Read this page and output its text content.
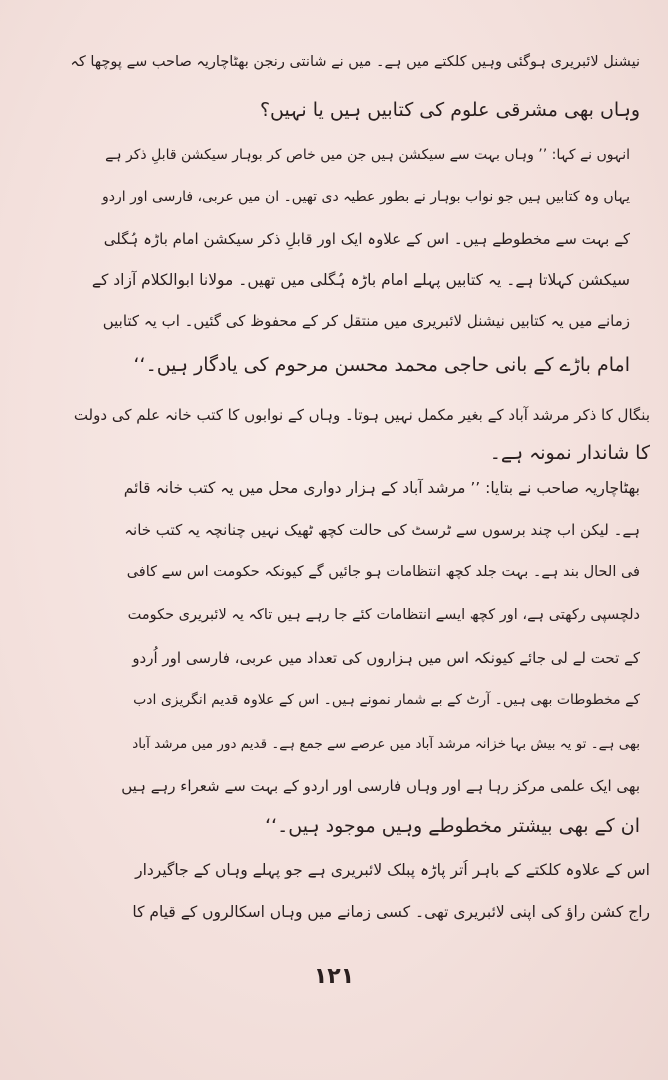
نیشنل لائبریری ہوگئی وہیں کلکتے میں ہے۔ میں نے شانتی رنجن بھٹاچاریہ صاحب سے پوچھا کہ
وہاں بھی مشرقی علوم کی کتابیں ہیں یا نہیں؟
انہوں نے کہا: ’’ وہاں بہت سے سیکشن ہیں جن میں خاص کر بوہار سیکشن قابلِ ذکر ہے
یہاں وہ کتابیں ہیں جو نواب بوہار نے بطور عطیہ دی تھیں۔ ان میں عربی، فارسی اور اردو
کے بہت سے مخطوطے ہیں۔ اس کے علاوہ ایک اور قابلِ ذکر سیکشن امام باڑہ ہُگلی
سیکشن کہلاتا ہے۔ یہ کتابیں پہلے امام باڑہ ہُگلی میں تھیں۔ مولانا ابوالکلام آزاد کے
زمانے میں یہ کتابیں نیشنل لائبریری میں منتقل کر کے محفوظ کی گئیں۔ اب یہ کتابیں
امام باڑے کے بانی حاجی محمد محسن مرحوم کی یادگار ہیں۔‘‘
بنگال کا ذکر مرشد آباد کے بغیر مکمل نہیں ہوتا۔ وہاں کے نوابوں کا کتب خانہ علم کی دولت
کا شاندار نمونہ ہے۔
بھٹاچاریہ صاحب نے بتایا: ’’ مرشد آباد کے ہزار دواری محل میں یہ کتب خانہ قائم
ہے۔ لیکن اب چند برسوں سے ٹرسٹ کی حالت کچھ ٹھیک نہیں چنانچہ یہ کتب خانہ
فی الحال بند ہے۔ بہت جلد کچھ انتظامات ہو جائیں گے کیونکہ حکومت اس سے کافی
دلچسپی رکھتی ہے، اور کچھ ایسے انتظامات کئے جا رہے ہیں تاکہ یہ لائبریری حکومت
کے تحت لے لی جائے کیونکہ اس میں ہزاروں کی تعداد میں عربی، فارسی اور اُردو
کے مخطوطات بھی ہیں۔ آرٹ کے بے شمار نمونے ہیں۔ اس کے علاوہ قدیم انگریزی ادب
بھی ہے۔ تو یہ بیش بہا خزانہ مرشد آباد میں عرصے سے جمع ہے۔ قدیم دور میں مرشد آباد
بھی ایک علمی مرکز رہا ہے اور وہاں فارسی اور اردو کے بہت سے شعراء رہے ہیں
ان کے بھی بیشتر مخطوطے وہیں موجود ہیں۔‘‘
اس کے علاوہ کلکتے کے باہر اُتر پاڑہ پبلک لائبریری ہے جو پہلے وہاں کے جاگیردار
راج کشن راؤ کی اپنی لائبریری تھی۔ کسی زمانے میں وہاں اسکالروں کے قیام کا
۱۲۱
